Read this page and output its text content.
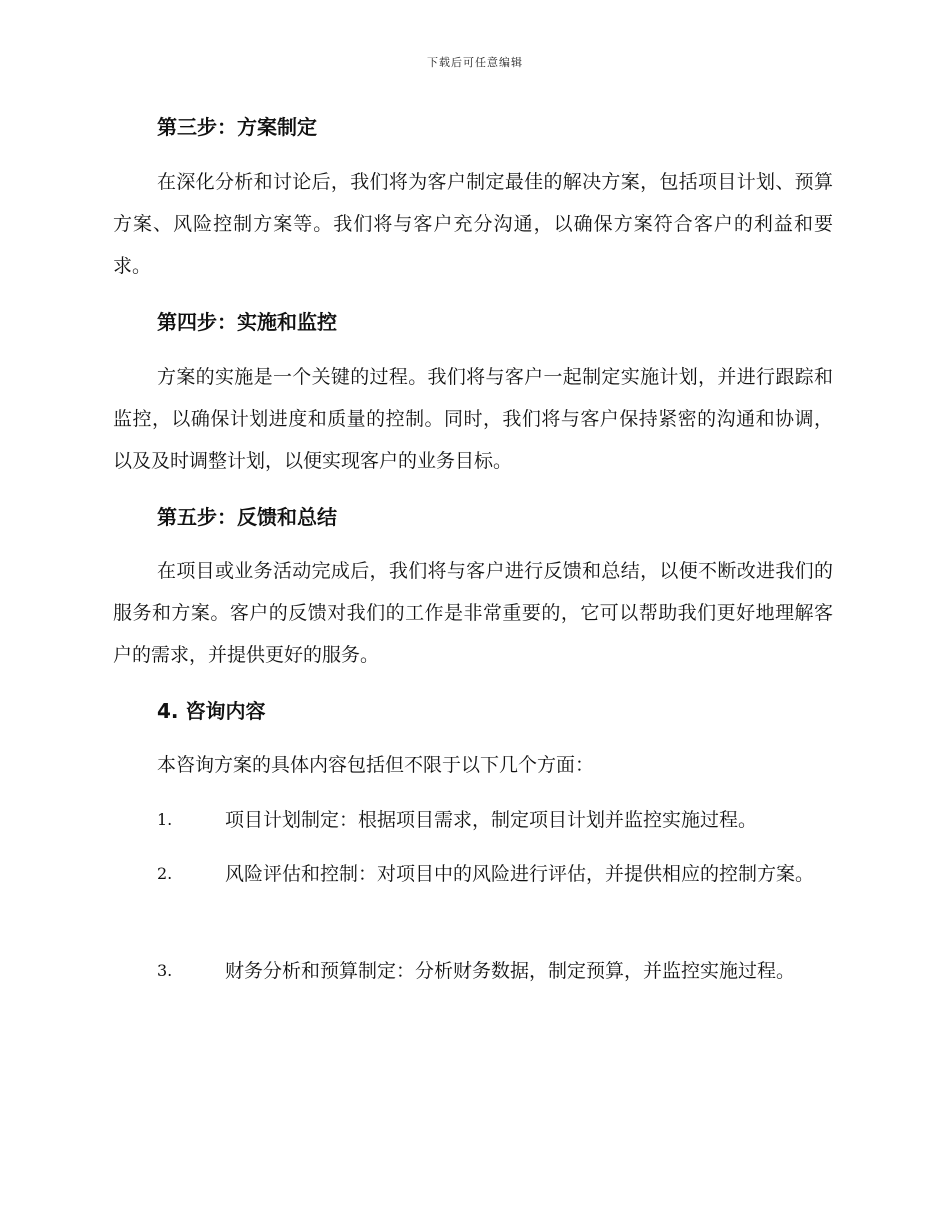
下载后可任意编辑
第三步：方案制定

在深化分析和讨论后，我们将为客户制定最佳的解决方案，包括项目计划、预算方案、风险控制方案等。我们将与客户充分沟通，以确保方案符合客户的利益和要求。

第四步：实施和监控

方案的实施是一个关键的过程。我们将与客户一起制定实施计划，并进行跟踪和监控，以确保计划进度和质量的控制。同时，我们将与客户保持紧密的沟通和协调，以及及时调整计划，以便实现客户的业务目标。

第五步：反馈和总结

在项目或业务活动完成后，我们将与客户进行反馈和总结，以便不断改进我们的服务和方案。客户的反馈对我们的工作是非常重要的，它可以帮助我们更好地理解客户的需求，并提供更好的服务。

4. 咨询内容

本咨询方案的具体内容包括但不限于以下几个方面：

1.	项目计划制定：根据项目需求，制定项目计划并监控实施过程。
2.	风险评估和控制：对项目中的风险进行评估，并提供相应的控制方案。
3.	财务分析和预算制定：分析财务数据，制定预算，并监控实施过程。
